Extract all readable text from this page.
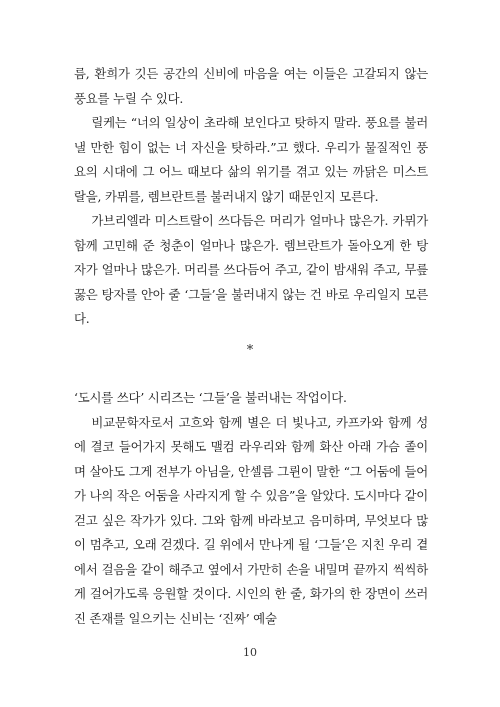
름, 환희가 깃든 공간의 신비에 마음을 여는 이들은 고갈되지 않는 풍요를 누릴 수 있다.

릴케는 “너의 일상이 초라해 보인다고 탓하지 말라. 풍요를 불러낼 만한 힘이 없는 너 자신을 탓하라.”고 했다. 우리가 물질적인 풍요의 시대에 그 어느 때보다 삶의 위기를 겪고 있는 까닭은 미스트랄을, 카뮈를, 렘브란트를 불러내지 않기 때문인지 모른다.

가브리엘라 미스트랄이 쓰다듬은 머리가 얼마나 많은가. 카뮈가 함께 고민해 준 청춘이 얼마나 많은가. 렘브란트가 돌아오게 한 탕자가 얼마나 많은가. 머리를 쓰다듬어 주고, 같이 밤새워 주고, 무릎 꿇은 탕자를 안아 줄 ‘그들’을 불러내지 않는 건 바로 우리일지 모른다.

*

‘도시를 쓰다’ 시리즈는 ‘그들’을 불러내는 작업이다.

비교문학자로서 고흐와 함께 별은 더 빛나고, 카프카와 함께 성에 결코 들어가지 못해도 맬컴 라우리와 함께 화산 아래 가슴 졸이며 살아도 그게 전부가 아님을, 안셀름 그륀이 말한 “그 어둠에 들어가 나의 작은 어둠을 사라지게 할 수 있음”을 알았다. 도시마다 같이 걷고 싶은 작가가 있다. 그와 함께 바라보고 음미하며, 무엇보다 많이 멈추고, 오래 걷겠다. 길 위에서 만나게 될 ‘그들’은 지친 우리 곁에서 걸음을 같이 해주고 옆에서 가만히 손을 내밀며 끝까지 씩씩하게 걸어가도록 응원할 것이다. 시인의 한 줄, 화가의 한 장면이 쓰러진 존재를 일으키는 신비는 ‘진짜’ 예술

10
